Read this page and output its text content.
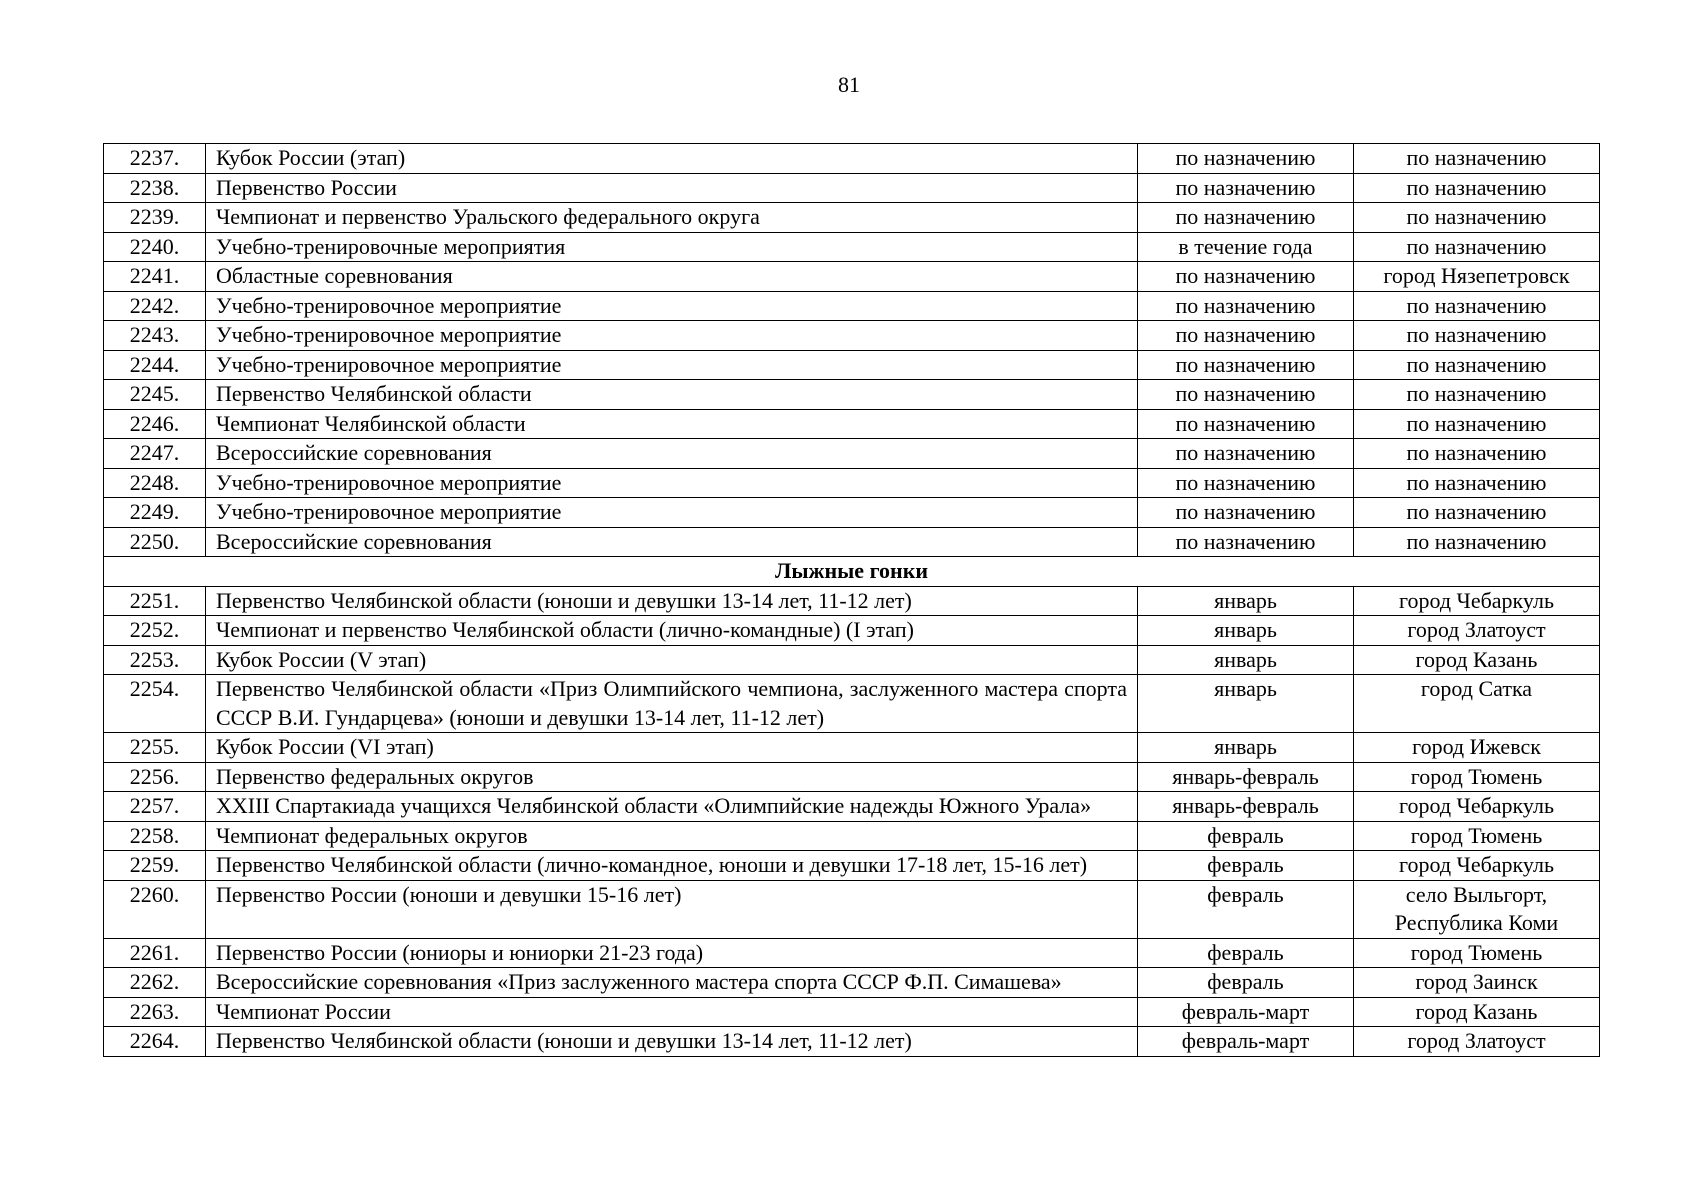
81
2237.	Кубок России (этап)	по назначению	по назначению
2238.	Первенство России	по назначению	по назначению
2239.	Чемпионат и первенство Уральского федерального округа	по назначению	по назначению
2240.	Учебно-тренировочные мероприятия	в течение года	по назначению
2241.	Областные соревнования	по назначению	город Нязепетровск
2242.	Учебно-тренировочное мероприятие	по назначению	по назначению
2243.	Учебно-тренировочное мероприятие	по назначению	по назначению
2244.	Учебно-тренировочное мероприятие	по назначению	по назначению
2245.	Первенство Челябинской области	по назначению	по назначению
2246.	Чемпионат Челябинской области	по назначению	по назначению
2247.	Всероссийские соревнования	по назначению	по назначению
2248.	Учебно-тренировочное мероприятие	по назначению	по назначению
2249.	Учебно-тренировочное мероприятие	по назначению	по назначению
2250.	Всероссийские соревнования	по назначению	по назначению
Лыжные гонки			
2251.	Первенство Челябинской области (юноши и девушки 13-14 лет, 11-12 лет)	январь	город Чебаркуль
2252.	Чемпионат и первенство Челябинской области (лично-командные) (I этап)	январь	город Златоуст
2253.	Кубок России (V этап)	январь	город Казань
2254.	Первенство Челябинской области «Приз Олимпийского чемпиона, заслуженного мастера спорта СССР В.И. Гундарцева» (юноши и девушки 13-14 лет, 11-12 лет)	январь	город Сатка
2255.	Кубок России (VI этап)	январь	город Ижевск
2256.	Первенство федеральных округов	январь-февраль	город Тюмень
2257.	XXIII Спартакиада учащихся Челябинской области «Олимпийские надежды Южного Урала»	январь-февраль	город Чебаркуль
2258.	Чемпионат федеральных округов	февраль	город Тюмень
2259.	Первенство Челябинской области (лично-командное, юноши и девушки 17-18 лет, 15-16 лет)	февраль	город Чебаркуль
2260.	Первенство России (юноши и девушки 15-16 лет)	февраль	село Выльгорт, Республика Коми
2261.	Первенство России (юниоры и юниорки 21-23 года)	февраль	город Тюмень
2262.	Всероссийские соревнования «Приз заслуженного мастера спорта СССР Ф.П. Симашева»	февраль	город Заинск
2263.	Чемпионат России	февраль-март	город Казань
2264.	Первенство Челябинской области (юноши и девушки 13-14 лет, 11-12 лет)	февраль-март	город Златоуст
